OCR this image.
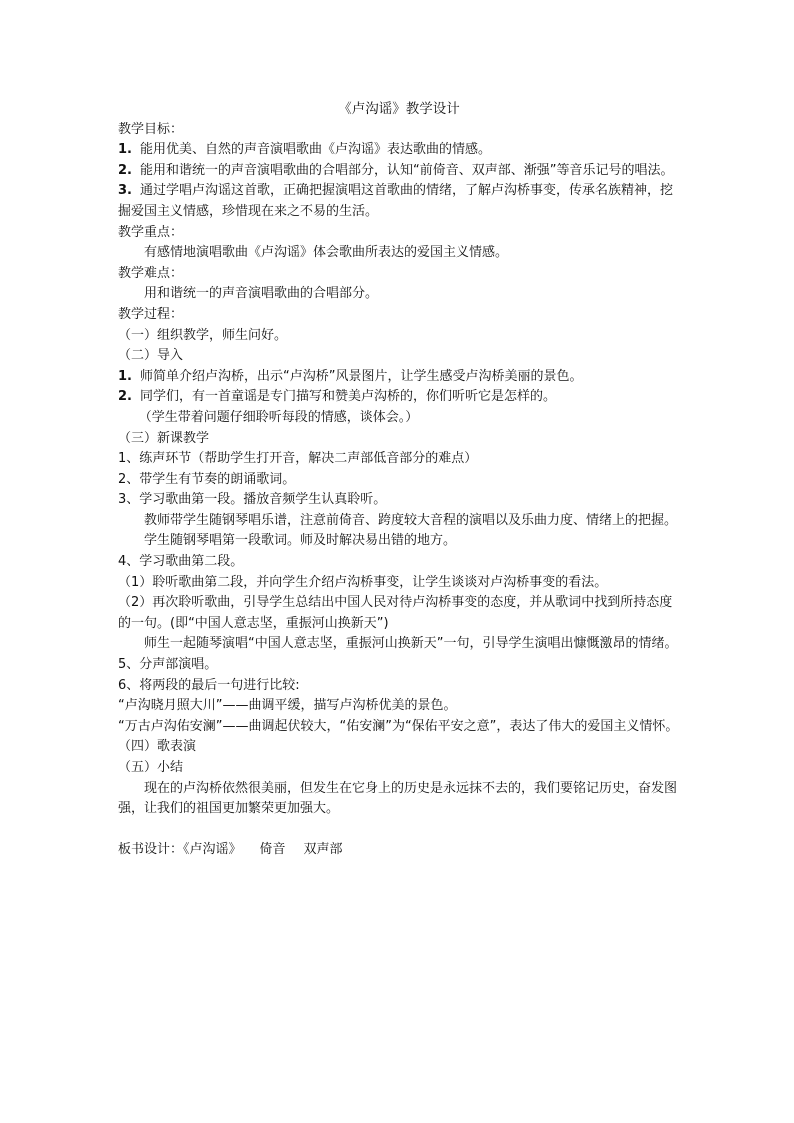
《卢沟谣》教学设计

教学目标：

1. 能用优美、自然的声音演唱歌曲《卢沟谣》表达歌曲的情感。

2. 能用和谐统一的声音演唱歌曲的合唱部分，认知“前倚音、双声部、渐强”等音乐记号的唱法。

3. 通过学唱卢沟谣这首歌，正确把握演唱这首歌曲的情绪，了解卢沟桥事变，传承名族精神，挖掘爱国主义情感，珍惜现在来之不易的生活。

教学重点：

有感情地演唱歌曲《卢沟谣》体会歌曲所表达的爱国主义情感。

教学难点：

用和谐统一的声音演唱歌曲的合唱部分。

教学过程：

（一）组织教学，师生问好。

（二）导入

1. 师简单介绍卢沟桥，出示“卢沟桥”风景图片，让学生感受卢沟桥美丽的景色。

2. 同学们，有一首童谣是专门描写和赞美卢沟桥的，你们听听它是怎样的。

（学生带着问题仔细聆听每段的情感，谈体会。）

（三）新课教学

1、练声环节（帮助学生打开音，解决二声部低音部分的难点）

2、带学生有节奏的朗诵歌词。

3、学习歌曲第一段。播放音频学生认真聆听。

教师带学生随钢琴唱乐谱，注意前倚音、跨度较大音程的演唱以及乐曲力度、情绪上的把握。

学生随钢琴唱第一段歌词。师及时解决易出错的地方。

4、学习歌曲第二段。

（1）聆听歌曲第二段，并向学生介绍卢沟桥事变，让学生谈谈对卢沟桥事变的看法。

（2）再次聆听歌曲，引导学生总结出中国人民对待卢沟桥事变的态度，并从歌词中找到所持态度的一句。(即“中国人意志坚，重振河山换新天”)

师生一起随琴演唱“中国人意志坚，重振河山换新天”一句，引导学生演唱出慷慨激昂的情绪。

5、分声部演唱。

6、将两段的最后一句进行比较:

“卢沟晓月照大川”——曲调平缓，描写卢沟桥优美的景色。

“万古卢沟佑安澜”——曲调起伏较大，“佑安澜”为“保佑平安之意”，表达了伟大的爱国主义情怀。

（四）歌表演

（五）小结

现在的卢沟桥依然很美丽，但发生在它身上的历史是永远抹不去的，我们要铭记历史，奋发图强，让我们的祖国更加繁荣更加强大。

板书设计：《卢沟谣》 倚音 双声部
